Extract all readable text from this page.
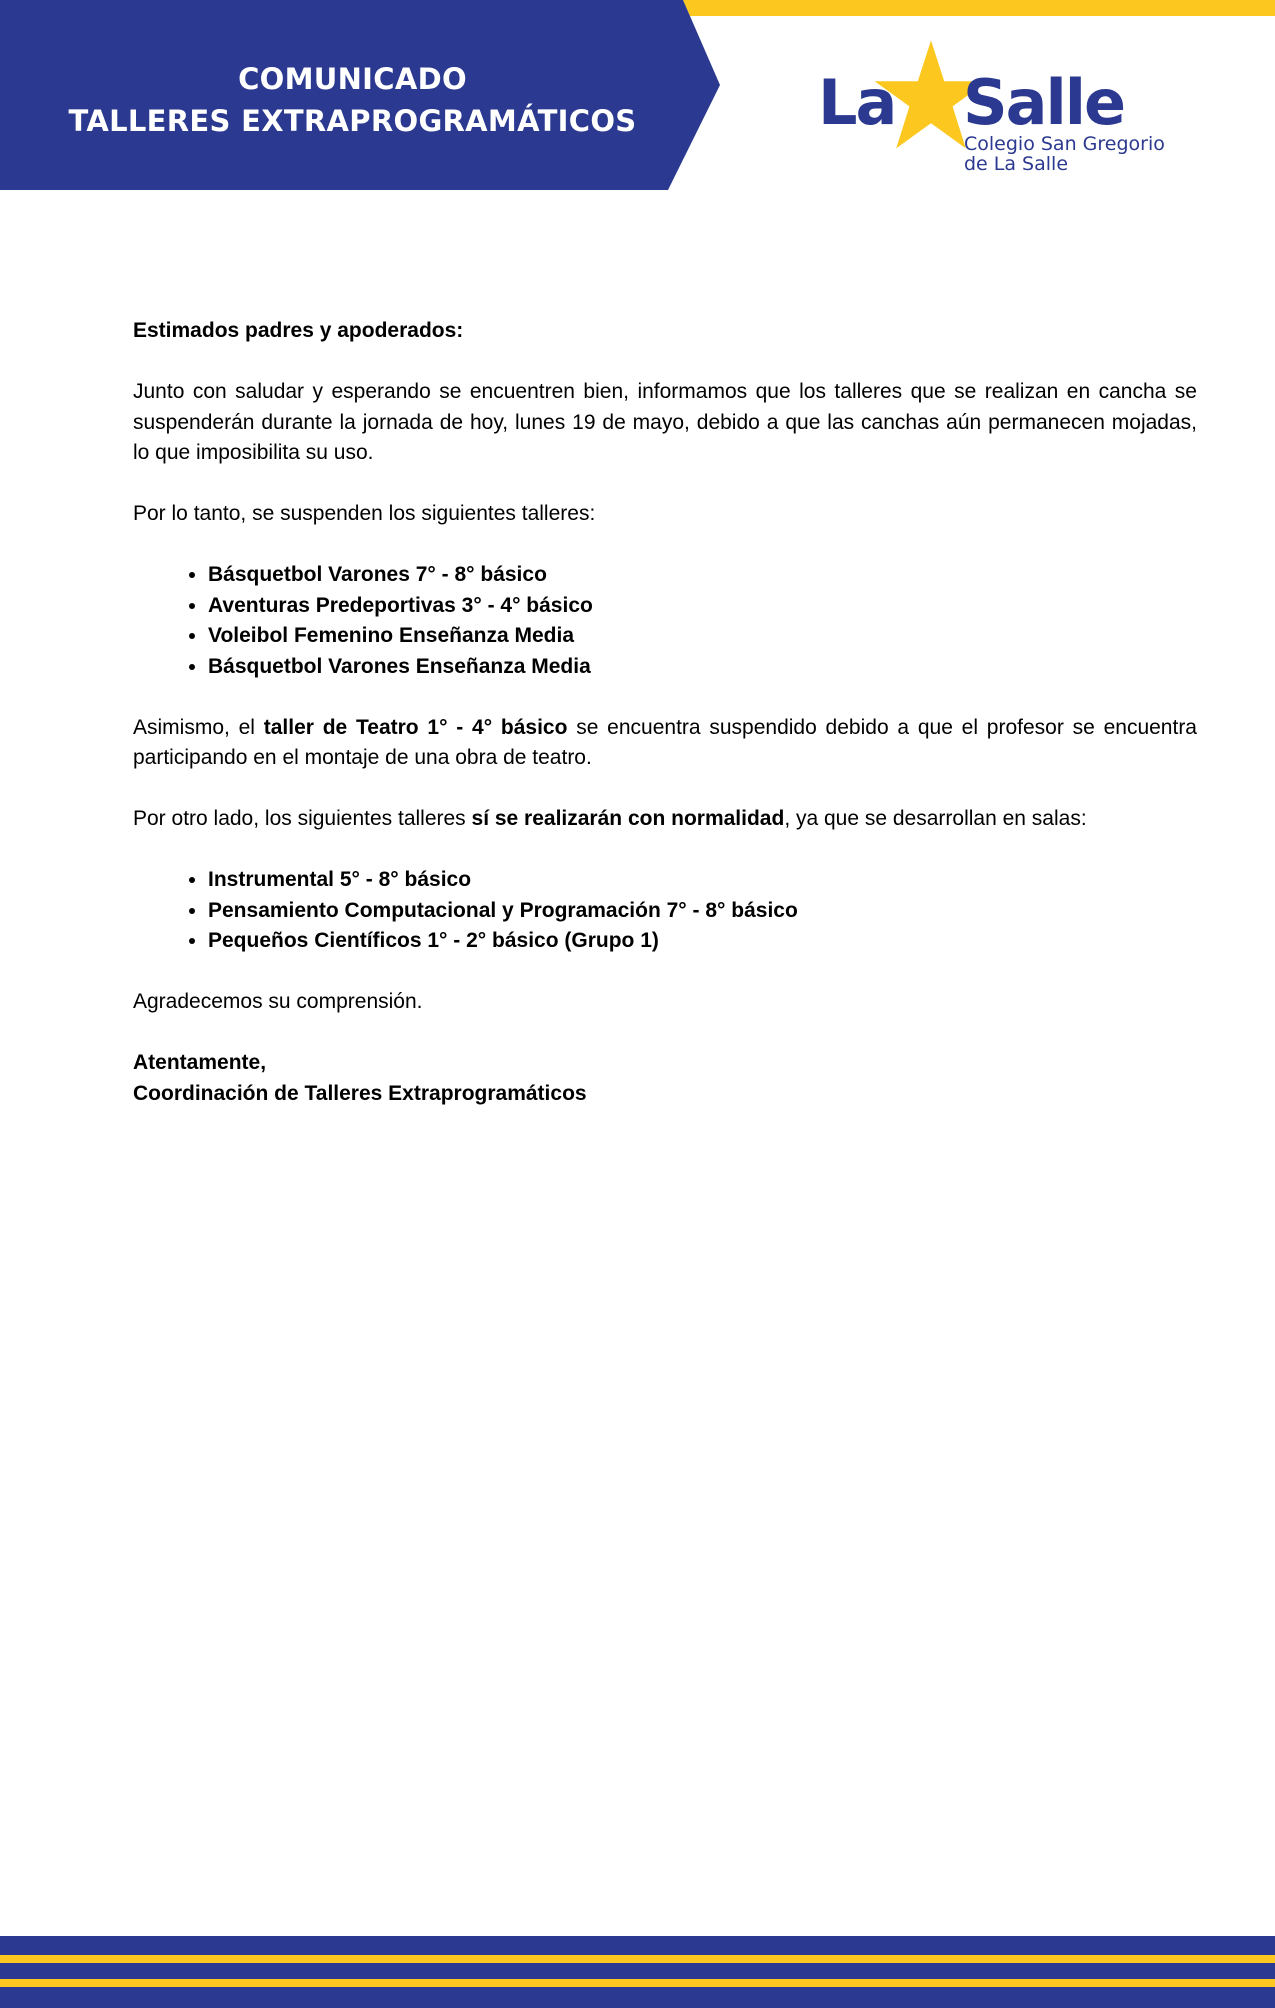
COMUNICADO
TALLERES EXTRAPROGRAMÁTICOS	La Salle
Colegio San Gregorio
de La Salle

Estimados padres y apoderados:

Junto con saludar y esperando se encuentren bien, informamos que los talleres que se realizan en cancha se suspenderán durante la jornada de hoy, lunes 19 de mayo, debido a que las canchas aún permanecen mojadas, lo que imposibilita su uso.

Por lo tanto, se suspenden los siguientes talleres:

• Básquetbol Varones 7° - 8° básico
• Aventuras Predeportivas 3° - 4° básico
• Voleibol Femenino Enseñanza Media
• Básquetbol Varones Enseñanza Media

Asimismo, el taller de Teatro 1° - 4° básico se encuentra suspendido debido a que el profesor se encuentra participando en el montaje de una obra de teatro.

Por otro lado, los siguientes talleres sí se realizarán con normalidad, ya que se desarrollan en salas:

• Instrumental 5° - 8° básico
• Pensamiento Computacional y Programación 7° - 8° básico
• Pequeños Científicos 1° - 2° básico (Grupo 1)

Agradecemos su comprensión.

Atentamente,

Coordinación de Talleres Extraprogramáticos
